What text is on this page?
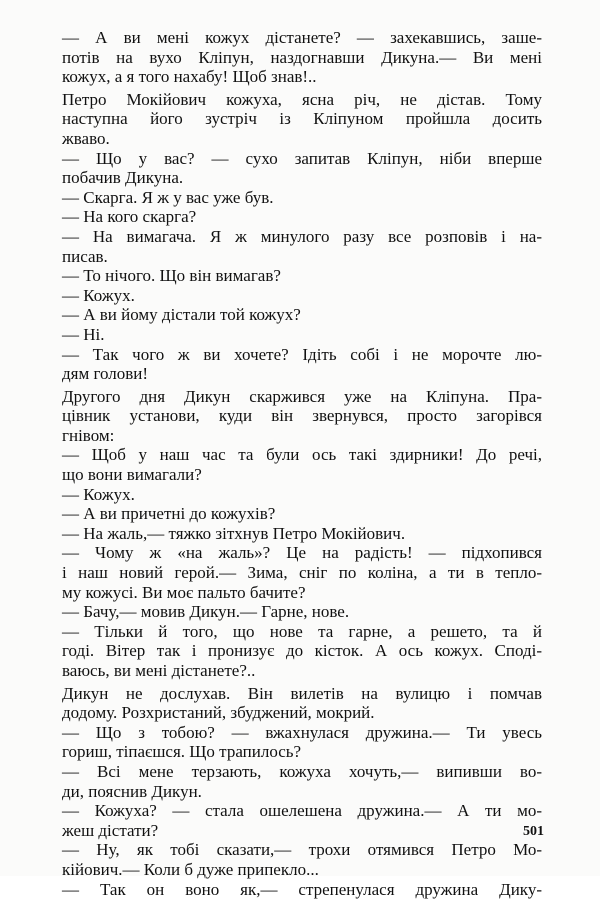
— А ви мені кожух дістанете? — захекавшись, заше-
потів на вухо Кліпун, наздогнавши Дикуна.— Ви мені
кожух, а я того нахабу! Щоб знав!..
Петро Мокійович кожуха, ясна річ, не дістав. Тому
наступна його зустріч із Кліпуном пройшла досить
жваво.
— Що у вас? — сухо запитав Кліпун, ніби вперше
побачив Дикуна.
— Скарга. Я ж у вас уже був.
— На кого скарга?
— На вимагача. Я ж минулого разу все розповів і на-
писав.
— То нічого. Що він вимагав?
— Кожух.
— А ви йому дістали той кожух?
— Ні.
— Так чого ж ви хочете? Ідіть собі і не морочте лю-
дям голови!
Другого дня Дикун скаржився уже на Кліпуна. Пра-
цівник установи, куди він звернувся, просто загорівся
гнівом:
— Щоб у наш час та були ось такі здирники! До речі,
що вони вимагали?
— Кожух.
— А ви причетні до кожухів?
— На жаль,— тяжко зітхнув Петро Мокійович.
— Чому ж «на жаль»? Це на радість! — підхопився
і наш новий герой.— Зима, сніг по коліна, а ти в тепло-
му кожусі. Ви моє пальто бачите?
— Бачу,— мовив Дикун.— Гарне, нове.
— Тільки й того, що нове та гарне, а решето, та й
годі. Вітер так і пронизує до кісток. А ось кожух. Споді-
ваюсь, ви мені дістанете?..
Дикун не дослухав. Він вилетів на вулицю і помчав
додому. Розхристаний, збуджений, мокрий.
— Що з тобою? — вжахнулася дружина.— Ти увесь
гориш, тіпаєшся. Що трапилось?
— Всі мене терзають, кожуха хочуть,— випивши во-
ди, пояснив Дикун.
— Кожуха? — стала ошелешена дружина.— А ти мо-
жеш дістати?
— Ну, як тобі сказати,— трохи отямився Петро Мо-
кійович.— Коли б дуже припекло...
— Так он воно як,— стрепенулася дружина Дику-
501
